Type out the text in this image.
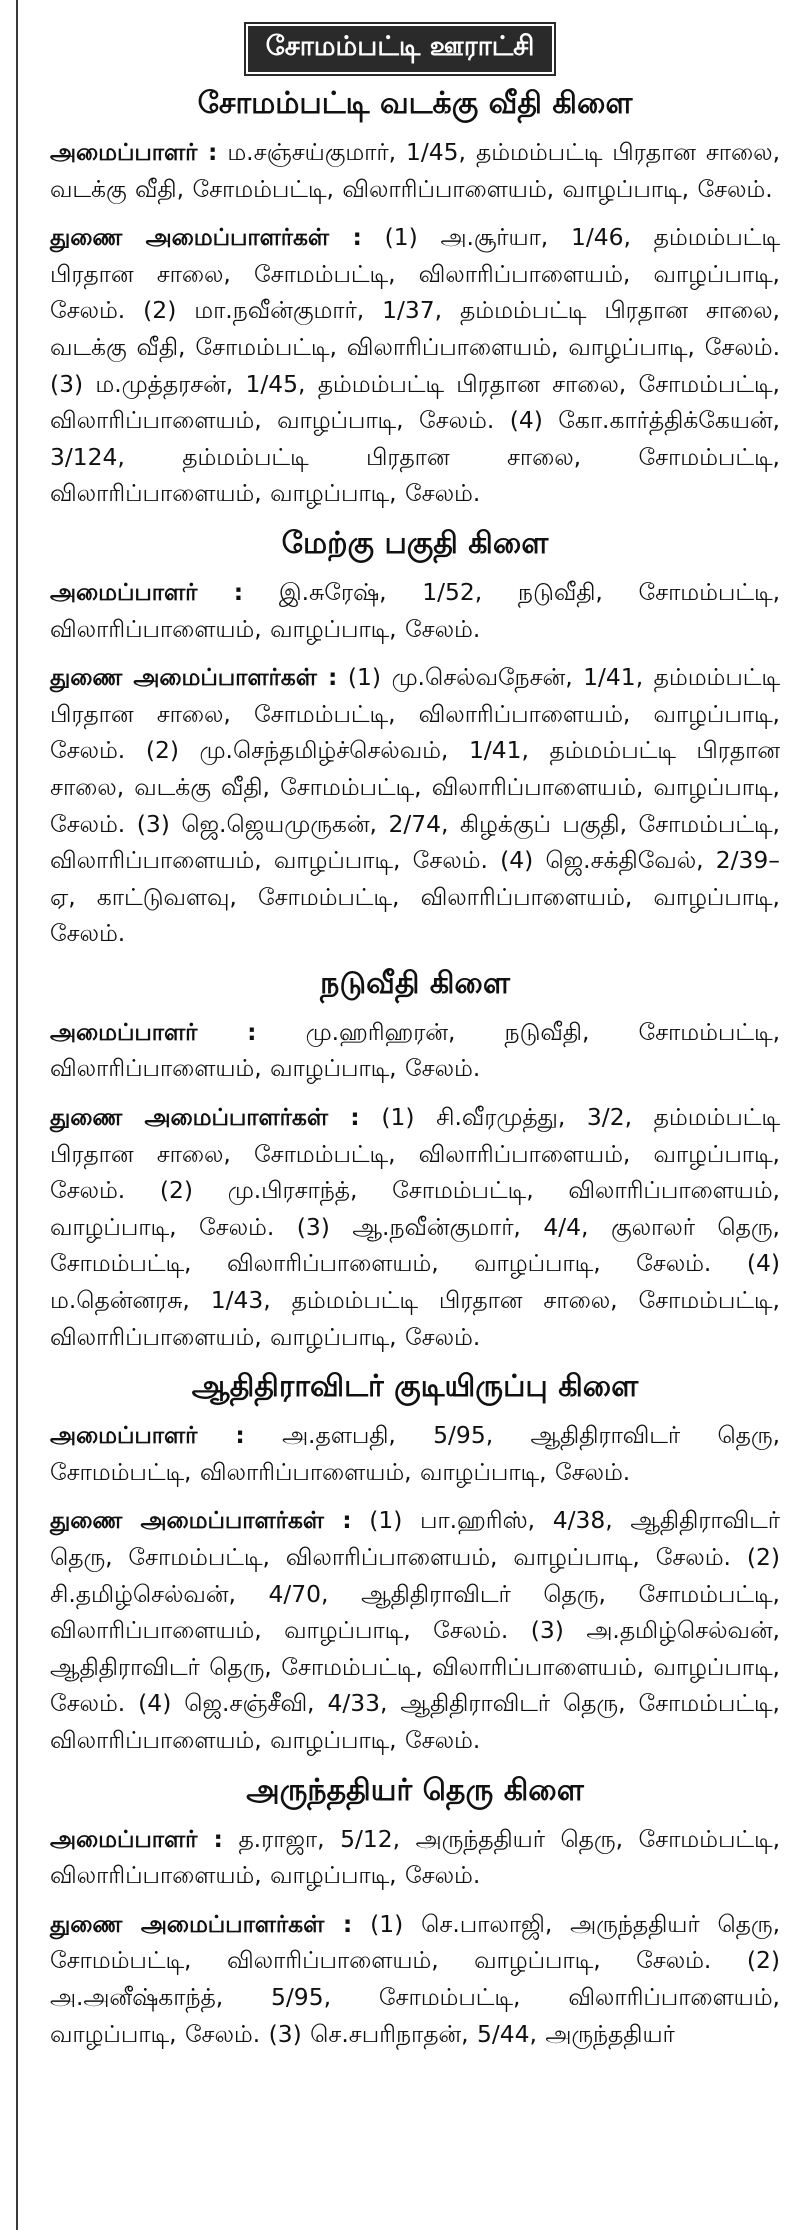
சோமம்பட்டி ஊராட்சி
சோமம்பட்டி வடக்கு வீதி கிளை

அமைப்பாளர் : ம.சஞ்சய்குமார், 1/45, தம்மம்பட்டி பிரதான சாலை, வடக்கு வீதி, சோமம்பட்டி, விலாரிப்பாளையம், வாழப்பாடி, சேலம்.

துணை அமைப்பாளர்கள் : (1) அ.சூர்யா, 1/46, தம்மம்பட்டி பிரதான சாலை, சோமம்பட்டி, விலாரிப்பாளையம், வாழப்பாடி, சேலம். (2) மா.நவீன்குமார், 1/37, தம்மம்பட்டி பிரதான சாலை, வடக்கு வீதி, சோமம்பட்டி, விலாரிப்பாளையம், வாழப்பாடி, சேலம். (3) ம.முத்தரசன், 1/45, தம்மம்பட்டி பிரதான சாலை, சோமம்பட்டி, விலாரிப்பாளையம், வாழப்பாடி, சேலம். (4) கோ.கார்த்திக்கேயன், 3/124, தம்மம்பட்டி பிரதான சாலை, சோமம்பட்டி, விலாரிப்பாளையம், வாழப்பாடி, சேலம்.

மேற்கு பகுதி கிளை

அமைப்பாளர் : இ.சுரேஷ், 1/52, நடுவீதி, சோமம்பட்டி, விலாரிப்பாளையம், வாழப்பாடி, சேலம்.

துணை அமைப்பாளர்கள் : (1) மு.செல்வநேசன், 1/41, தம்மம்பட்டி பிரதான சாலை, சோமம்பட்டி, விலாரிப்பாளையம், வாழப்பாடி, சேலம். (2) மு.செந்தமிழ்ச்செல்வம், 1/41, தம்மம்பட்டி பிரதான சாலை, வடக்கு வீதி, சோமம்பட்டி, விலாரிப்பாளையம், வாழப்பாடி, சேலம். (3) ஜெ.ஜெயமுருகன், 2/74, கிழக்குப் பகுதி, சோமம்பட்டி, விலாரிப்பாளையம், வாழப்பாடி, சேலம். (4) ஜெ.சக்திவேல், 2/39–ஏ, காட்டுவளவு, சோமம்பட்டி, விலாரிப்பாளையம், வாழப்பாடி, சேலம்.

நடுவீதி கிளை

அமைப்பாளர் : மு.ஹரிஹரன், நடுவீதி, சோமம்பட்டி, விலாரிப்பாளையம், வாழப்பாடி, சேலம்.

துணை அமைப்பாளர்கள் : (1) சி.வீரமுத்து, 3/2, தம்மம்பட்டி பிரதான சாலை, சோமம்பட்டி, விலாரிப்பாளையம், வாழப்பாடி, சேலம். (2) மு.பிரசாந்த், சோமம்பட்டி, விலாரிப்பாளையம், வாழப்பாடி, சேலம். (3) ஆ.நவீன்குமார், 4/4, குலாலர் தெரு, சோமம்பட்டி, விலாரிப்பாளையம், வாழப்பாடி, சேலம். (4) ம.தென்னரசு, 1/43, தம்மம்பட்டி பிரதான சாலை, சோமம்பட்டி, விலாரிப்பாளையம், வாழப்பாடி, சேலம்.

ஆதிதிராவிடர் குடியிருப்பு கிளை

அமைப்பாளர் : அ.தளபதி, 5/95, ஆதிதிராவிடர் தெரு, சோமம்பட்டி, விலாரிப்பாளையம், வாழப்பாடி, சேலம்.

துணை அமைப்பாளர்கள் : (1) பா.ஹரிஸ், 4/38, ஆதிதிராவிடர் தெரு, சோமம்பட்டி, விலாரிப்பாளையம், வாழப்பாடி, சேலம். (2) சி.தமிழ்செல்வன், 4/70, ஆதிதிராவிடர் தெரு, சோமம்பட்டி, விலாரிப்பாளையம், வாழப்பாடி, சேலம். (3) அ.தமிழ்செல்வன், ஆதிதிராவிடர் தெரு, சோமம்பட்டி, விலாரிப்பாளையம், வாழப்பாடி, சேலம். (4) ஜெ.சஞ்சீவி, 4/33, ஆதிதிராவிடர் தெரு, சோமம்பட்டி, விலாரிப்பாளையம், வாழப்பாடி, சேலம்.

அருந்ததியர் தெரு கிளை

அமைப்பாளர் : த.ராஜா, 5/12, அருந்ததியர் தெரு, சோமம்பட்டி, விலாரிப்பாளையம், வாழப்பாடி, சேலம்.

துணை அமைப்பாளர்கள் : (1) செ.பாலாஜி, அருந்ததியர் தெரு, சோமம்பட்டி, விலாரிப்பாளையம், வாழப்பாடி, சேலம். (2) அ.அனீஷ்காந்த், 5/95, சோமம்பட்டி, விலாரிப்பாளையம், வாழப்பாடி, சேலம். (3) செ.சபரிநாதன், 5/44, அருந்ததியர்
